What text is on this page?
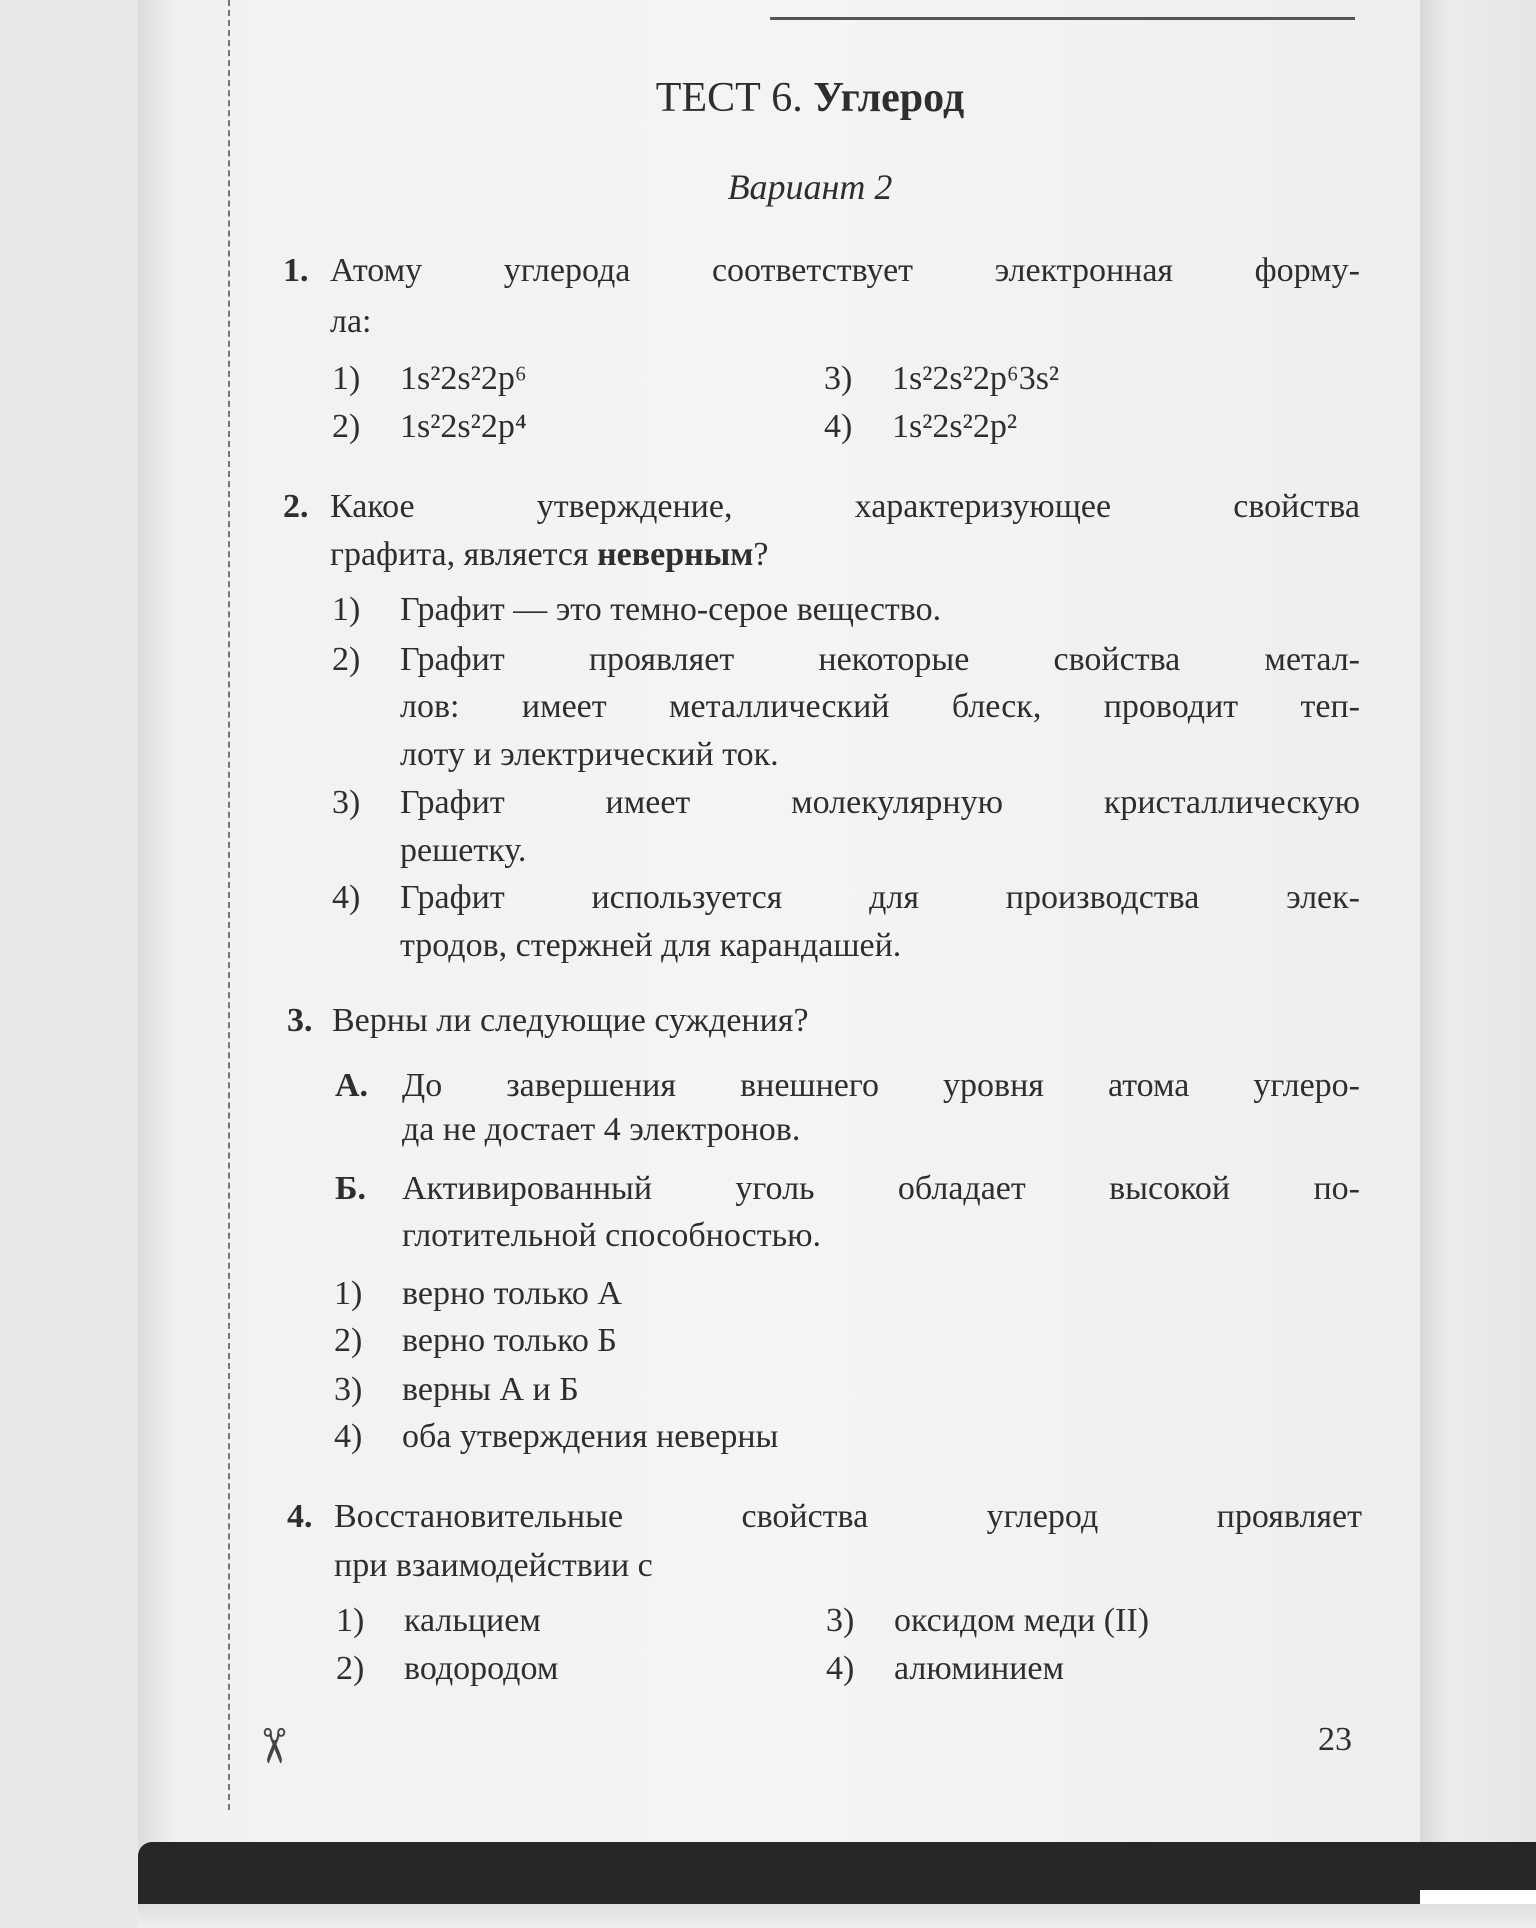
ТЕСТ 6. Углерод
Вариант 2
1. Атому углерода соответствует электронная форму-
ла:
1) 1s²2s²2p⁶
2) 1s²2s²2p⁴
3) 1s²2s²2p⁶3s²
4) 1s²2s²2p²
2. Какое утверждение, характеризующее свойства
графита, является неверным?
1) Графит — это темно-серое вещество.
2) Графит проявляет некоторые свойства метал-
лов: имеет металлический блеск, проводит теп-
лоту и электрический ток.
3) Графит имеет молекулярную кристаллическую
решетку.
4) Графит используется для производства элек-
тродов, стержней для карандашей.
3. Верны ли следующие суждения?
А. До завершения внешнего уровня атома углеро-
да не достает 4 электронов.
Б. Активированный уголь обладает высокой по-
глотительной способностью.
1) верно только А
2) верно только Б
3) верны А и Б
4) оба утверждения неверны
4. Восстановительные свойства углерод проявляет
при взаимодействии с
1) кальцием
2) водородом
3) оксидом меди (II)
4) алюминием
✂	23
